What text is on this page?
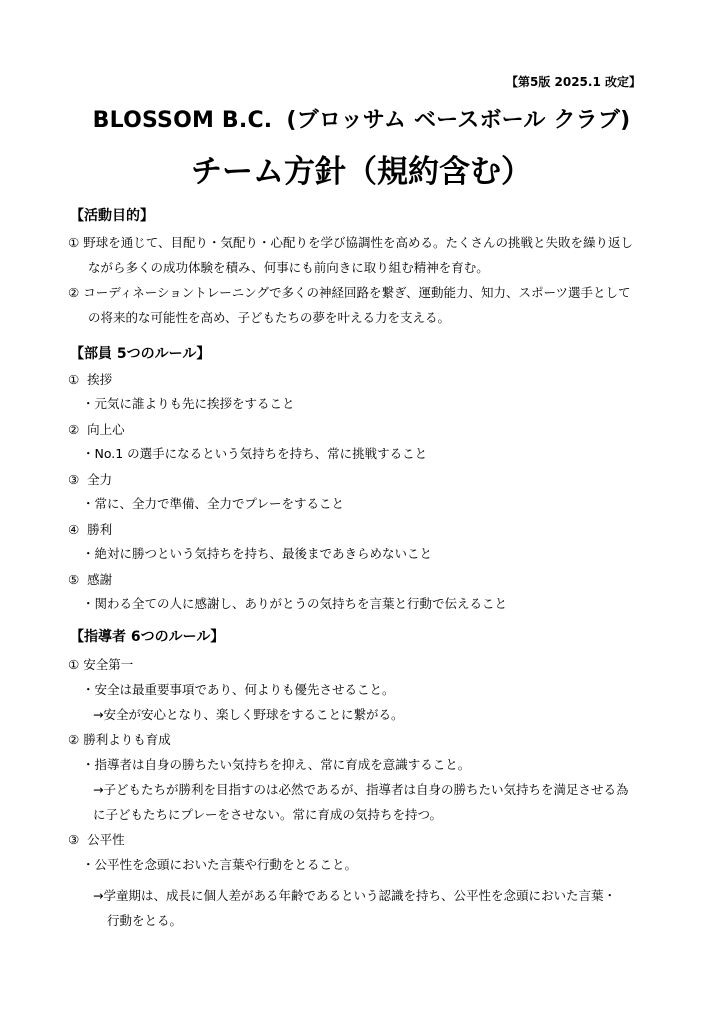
【第5版 2025.1 改定】
BLOSSOM B.C. (ブロッサム ベースボール クラブ)
チーム方針（規約含む）
【活動目的】
① 野球を通じて、目配り・気配り・心配りを学び協調性を高める。たくさんの挑戦と失敗を繰り返し
ながら多くの成功体験を積み、何事にも前向きに取り組む精神を育む。
② コーディネーショントレーニングで多くの神経回路を繋ぎ、運動能力、知力、スポーツ選手として
の将来的な可能性を高め、子どもたちの夢を叶える力を支える。
【部員 5つのルール】
① 挨拶
・元気に誰よりも先に挨拶をすること
② 向上心
・No.1 の選手になるという気持ちを持ち、常に挑戦すること
③ 全力
・常に、全力で準備、全力でプレーをすること
④ 勝利
・絶対に勝つという気持ちを持ち、最後まであきらめないこと
⑤ 感謝
・関わる全ての人に感謝し、ありがとうの気持ちを言葉と行動で伝えること
【指導者 6つのルール】
① 安全第一
・安全は最重要事項であり、何よりも優先させること。
→安全が安心となり、楽しく野球をすることに繋がる。
② 勝利よりも育成
・指導者は自身の勝ちたい気持ちを抑え、常に育成を意識すること。
→子どもたちが勝利を目指すのは必然であるが、指導者は自身の勝ちたい気持ちを満足させる為
に子どもたちにプレーをさせない。常に育成の気持ちを持つ。
③ 公平性
・公平性を念頭においた言葉や行動をとること。
→学童期は、成長に個人差がある年齢であるという認識を持ち、公平性を念頭においた言葉・
行動をとる。
